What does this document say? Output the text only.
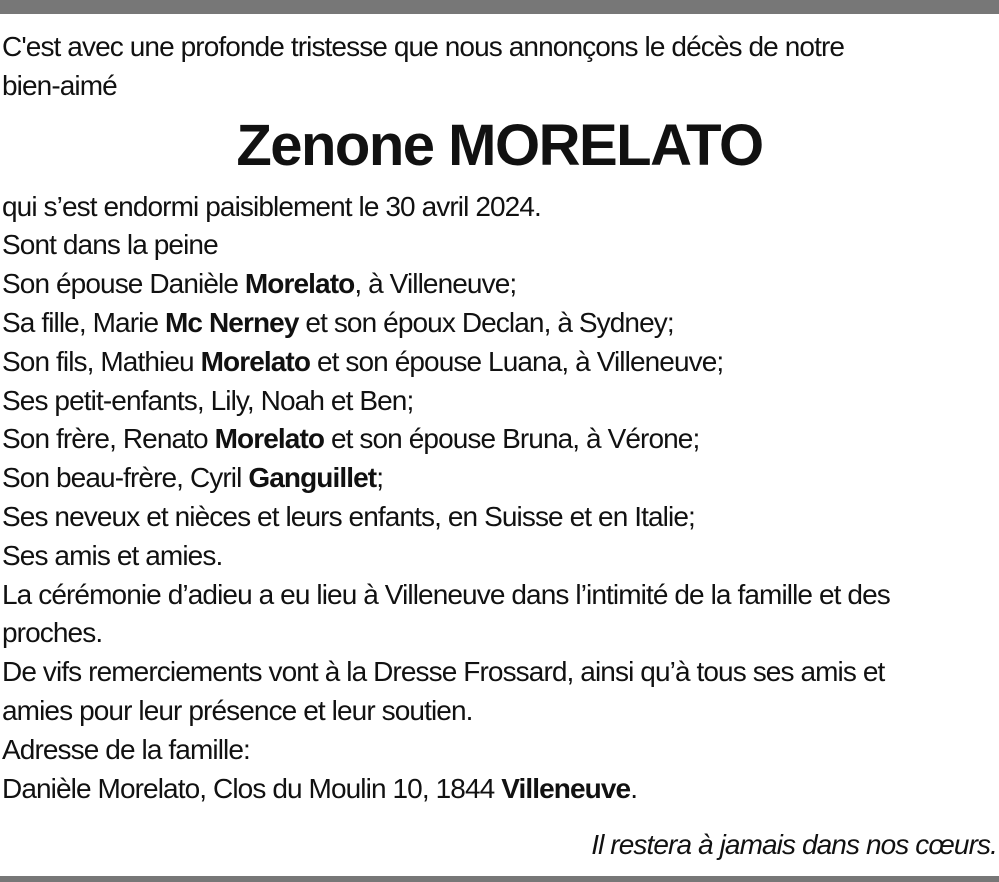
C'est avec une profonde tristesse que nous annonçons le décès de notre
bien-aimé
Zenone MORELATO
qui s’est endormi paisiblement le 30 avril 2024.
Sont dans la peine
Son épouse Danièle Morelato, à Villeneuve;
Sa fille, Marie Mc Nerney et son époux Declan, à Sydney;
Son fils, Mathieu Morelato et son épouse Luana, à Villeneuve;
Ses petit-enfants, Lily, Noah et Ben;
Son frère, Renato Morelato et son épouse Bruna, à Vérone;
Son beau-frère, Cyril Ganguillet;
Ses neveux et nièces et leurs enfants, en Suisse et en Italie;
Ses amis et amies.
La cérémonie d’adieu a eu lieu à Villeneuve dans l’intimité de la famille et des
proches.
De vifs remerciements vont à la Dresse Frossard, ainsi qu’à tous ses amis et
amies pour leur présence et leur soutien.
Adresse de la famille:
Danièle Morelato, Clos du Moulin 10, 1844 Villeneuve.
Il restera à jamais dans nos cœurs.
